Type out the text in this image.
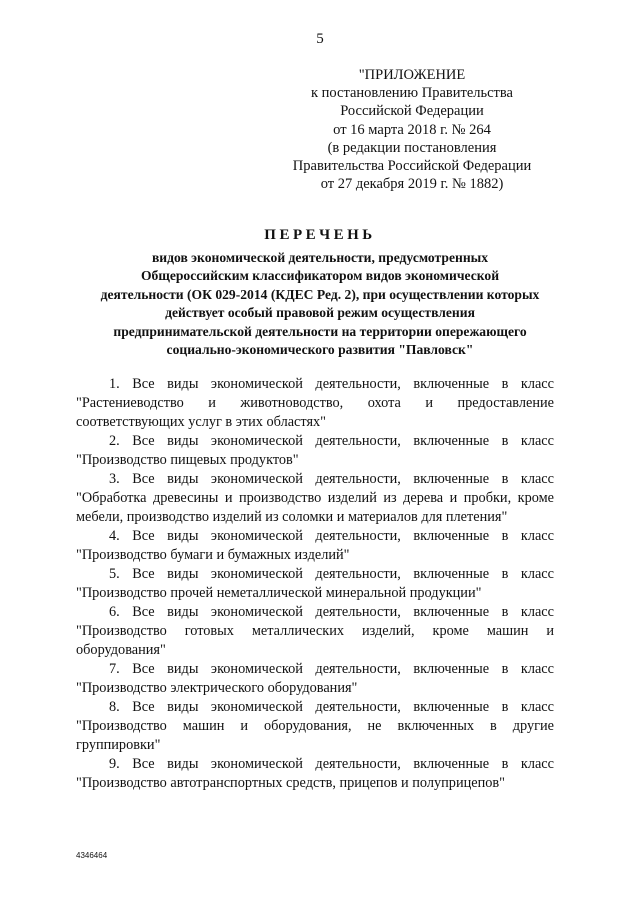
5
"ПРИЛОЖЕНИЕ
к постановлению Правительства
Российской Федерации
от 16 марта 2018 г. № 264
(в редакции постановления
Правительства Российской Федерации
от 27 декабря 2019 г. № 1882)
ПЕРЕЧЕНЬ
видов экономической деятельности, предусмотренных
Общероссийским классификатором видов экономической
деятельности (ОК 029-2014 (КДЕС Ред. 2), при осуществлении которых
действует особый правовой режим осуществления
предпринимательской деятельности на территории опережающего
социально-экономического развития "Павловск"

1. Все виды экономической деятельности, включенные в класс "Растениеводство и животноводство, охота и предоставление соответствующих услуг в этих областях"

2. Все виды экономической деятельности, включенные в класс "Производство пищевых продуктов"

3. Все виды экономической деятельности, включенные в класс "Обработка древесины и производство изделий из дерева и пробки, кроме мебели, производство изделий из соломки и материалов для плетения"

4. Все виды экономической деятельности, включенные в класс "Производство бумаги и бумажных изделий"

5. Все виды экономической деятельности, включенные в класс "Производство прочей неметаллической минеральной продукции"

6. Все виды экономической деятельности, включенные в класс "Производство готовых металлических изделий, кроме машин и оборудования"

7. Все виды экономической деятельности, включенные в класс "Производство электрического оборудования"

8. Все виды экономической деятельности, включенные в класс "Производство машин и оборудования, не включенных в другие группировки"

9. Все виды экономической деятельности, включенные в класс "Производство автотранспортных средств, прицепов и полуприцепов"

4346464
